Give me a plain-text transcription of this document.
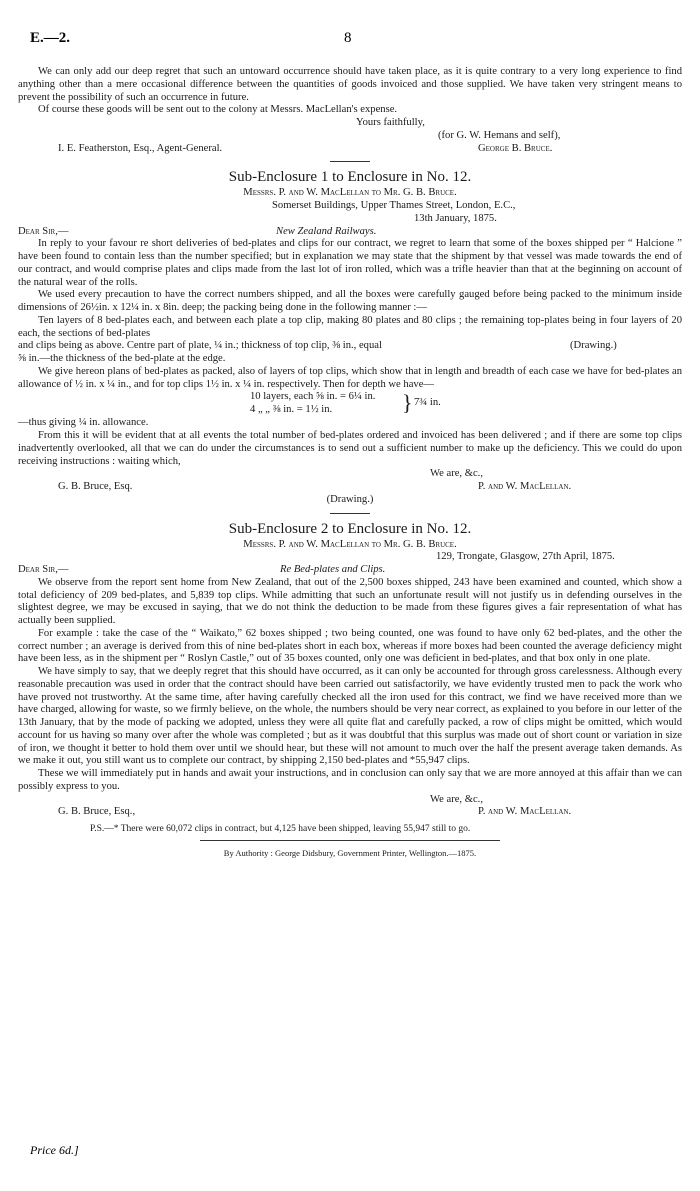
E.—2.	8

We can only add our deep regret that such an untoward occurrence should have taken place, as it is quite contrary to a very long experience to find anything other than a mere occasional difference between the quantities of goods invoiced and those supplied. We have taken very stringent means to prevent the possibility of such an occurrence in future.

Of course these goods will be sent out to the colony at Messrs. MacLellan's expense.

Yours faithfully,
(for G. W. Hemans and self),
I. E. Featherston, Esq., Agent-General.	George B. Bruce.
Sub-Enclosure 1 to Enclosure in No. 12.
Messrs. P. and W. MacLellan to Mr. G. B. Bruce.
Somerset Buildings, Upper Thames Street, London, E.C.,
13th January, 1875.
Dear Sir,—	New Zealand Railways.

In reply to your favour re short deliveries of bed-plates and clips for our contract, we regret to learn that some of the boxes shipped per “ Halcione ” have been found to contain less than the number specified; but in explanation we may state that the shipment by that vessel was made towards the end of our contract, and would comprise plates and clips made from the last lot of iron rolled, which was a trifle heavier than that at the beginning on account of the natural wear of the rolls.

We used every precaution to have the correct numbers shipped, and all the boxes were carefully gauged before being packed to the minimum inside dimensions of 26½in. x 12¼ in. x 8in. deep; the packing being done in the following manner :—

Ten layers of 8 bed-plates each, and between each plate a top clip, making 80 plates and 80 clips ; the remaining top-plates being in four layers of 20 each, the sections of bed-plates

and clips being as above. Centre part of plate, ¼ in.; thickness of top clip, ⅜ in., equal	(Drawing.)

⅝ in.—the thickness of the bed-plate at the edge.

We give hereon plans of bed-plates as packed, also of layers of top clips, which show that in length and breadth of each case we have for bed-plates an allowance of ½ in. x ¼ in., and for top clips 1½ in. x ¼ in. respectively. Then for depth we have—

10 layers, each ⅝ in. = 6¼ in.
4 „ „ ⅜ in. = 1½ in.	} 7¾ in.

—thus giving ¼ in. allowance.

From this it will be evident that at all events the total number of bed-plates ordered and invoiced has been delivered ; and if there are some top clips inadvertently overlooked, all that we can do under the circumstances is to send out a sufficient number to make up the deficiency. This we could do upon receiving instructions : waiting which,

We are, &c.,
G. B. Bruce, Esq.	P. and W. MacLellan.
(Drawing.)
Sub-Enclosure 2 to Enclosure in No. 12.
Messrs. P. and W. MacLellan to Mr. G. B. Bruce.
129, Trongate, Glasgow, 27th April, 1875.
Dear Sir,—	Re Bed-plates and Clips.

We observe from the report sent home from New Zealand, that out of the 2,500 boxes shipped, 243 have been examined and counted, which show a total deficiency of 209 bed-plates, and 5,839 top clips. While admitting that such an unfortunate result will not justify us in defending ourselves in the slightest degree, we may be excused in saying, that we do not think the deduction to be made from these figures gives a fair representation of what has actually been supplied.

For example : take the case of the “ Waikato,” 62 boxes shipped ; two being counted, one was found to have only 62 bed-plates, and the other the correct number ; an average is derived from this of nine bed-plates short in each box, whereas if more boxes had been counted the average deficiency might have been less, as in the shipment per “ Roslyn Castle,” out of 35 boxes counted, only one was deficient in bed-plates, and that box only in one plate.

We have simply to say, that we deeply regret that this should have occurred, as it can only be accounted for through gross carelessness. Although every reasonable precaution was used in order that the contract should have been carried out satisfactorily, we have evidently trusted men to pack the work who have proved not trustworthy. At the same time, after having carefully checked all the iron used for this contract, we find we have received more than we have charged, allowing for waste, so we firmly believe, on the whole, the numbers should be very near correct, as explained to you before in our letter of the 13th January, that by the mode of packing we adopted, unless they were all quite flat and carefully packed, a row of clips might be omitted, which would account for us having so many over after the whole was completed ; but as it was doubtful that this surplus was made out of short count or variation in size of iron, we thought it better to hold them over until we should hear, but these will not amount to much over the half the present average taken demands. As we make it out, you still want us to complete our contract, by shipping 2,150 bed-plates and *55,947 clips.

These we will immediately put in hands and await your instructions, and in conclusion can only say that we are more annoyed at this affair than we can possibly express to you.

We are, &c.,
G. B. Bruce, Esq.,	P. and W. MacLellan.

P.S.—* There were 60,072 clips in contract, but 4,125 have been shipped, leaving 55,947 still to go.

By Authority : George Didsbury, Government Printer, Wellington.—1875.
Price 6d.]
